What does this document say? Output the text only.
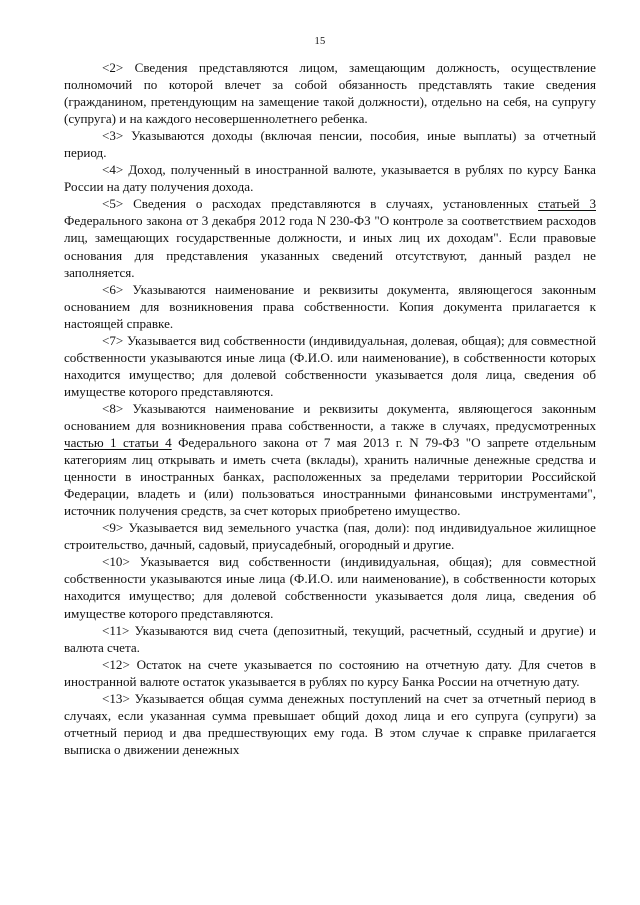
15

<2> Сведения представляются лицом, замещающим должность, осуществление полномочий по которой влечет за собой обязанность представлять такие сведения (гражданином, претендующим на замещение такой должности), отдельно на себя, на супругу (супруга) и на каждого несовершеннолетнего ребенка.

<3> Указываются доходы (включая пенсии, пособия, иные выплаты) за отчетный период.

<4> Доход, полученный в иностранной валюте, указывается в рублях по курсу Банка России на дату получения дохода.

<5> Сведения о расходах представляются в случаях, установленных статьей 3 Федерального закона от 3 декабря 2012 года N 230-ФЗ "О контроле за соответствием расходов лиц, замещающих государственные должности, и иных лиц их доходам". Если правовые основания для представления указанных сведений отсутствуют, данный раздел не заполняется.

<6> Указываются наименование и реквизиты документа, являющегося законным основанием для возникновения права собственности. Копия документа прилагается к настоящей справке.

<7> Указывается вид собственности (индивидуальная, долевая, общая); для совместной собственности указываются иные лица (Ф.И.О. или наименование), в собственности которых находится имущество; для долевой собственности указывается доля лица, сведения об имуществе которого представляются.

<8> Указываются наименование и реквизиты документа, являющегося законным основанием для возникновения права собственности, а также в случаях, предусмотренных частью 1 статьи 4 Федерального закона от 7 мая 2013 г. N 79-ФЗ "О запрете отдельным категориям лиц открывать и иметь счета (вклады), хранить наличные денежные средства и ценности в иностранных банках, расположенных за пределами территории Российской Федерации, владеть и (или) пользоваться иностранными финансовыми инструментами", источник получения средств, за счет которых приобретено имущество.

<9> Указывается вид земельного участка (пая, доли): под индивидуальное жилищное строительство, дачный, садовый, приусадебный, огородный и другие.

<10> Указывается вид собственности (индивидуальная, общая); для совместной собственности указываются иные лица (Ф.И.О. или наименование), в собственности которых находится имущество; для долевой собственности указывается доля лица, сведения об имуществе которого представляются.

<11> Указываются вид счета (депозитный, текущий, расчетный, ссудный и другие) и валюта счета.

<12> Остаток на счете указывается по состоянию на отчетную дату. Для счетов в иностранной валюте остаток указывается в рублях по курсу Банка России на отчетную дату.

<13> Указывается общая сумма денежных поступлений на счет за отчетный период в случаях, если указанная сумма превышает общий доход лица и его супруга (супруги) за отчетный период и два предшествующих ему года. В этом случае к справке прилагается выписка о движении денежных
